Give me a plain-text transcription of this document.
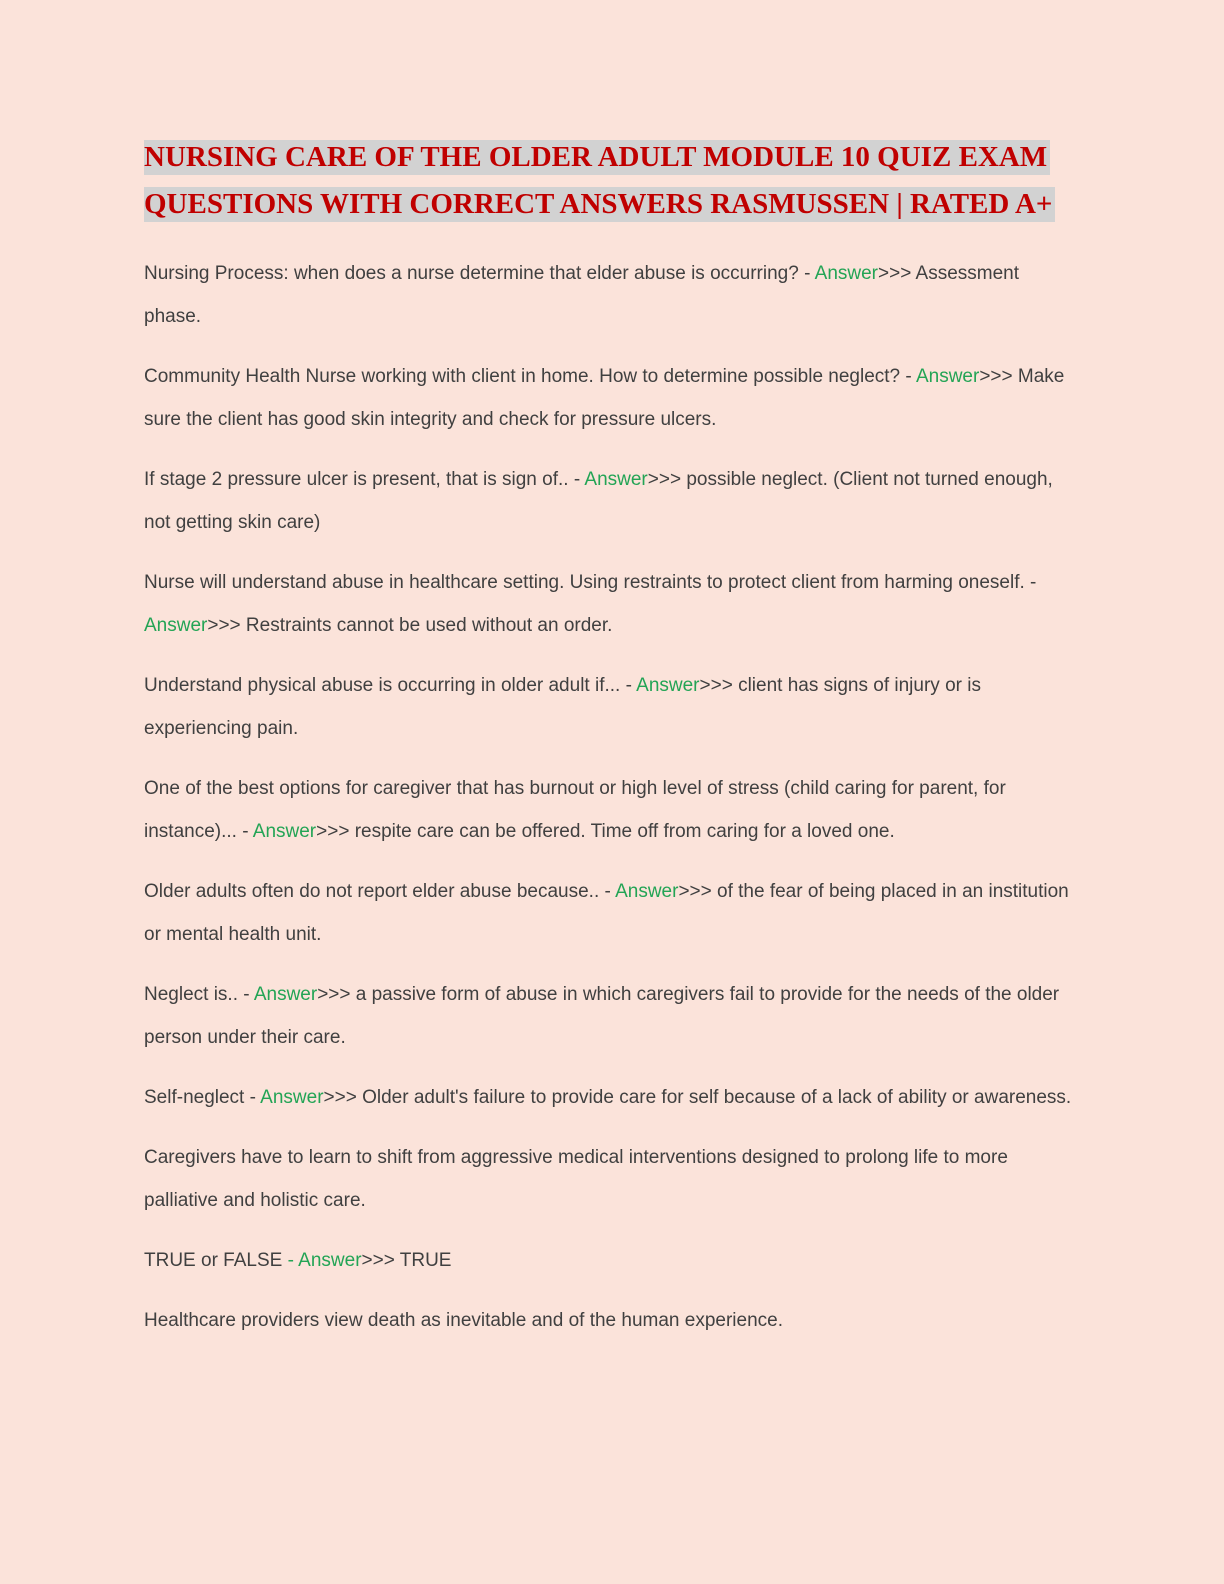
NURSING CARE OF THE OLDER ADULT MODULE 10 QUIZ EXAM
QUESTIONS WITH CORRECT ANSWERS RASMUSSEN | RATED A+

Nursing Process: when does a nurse determine that elder abuse is occurring? - Answer>>> Assessment phase.

Community Health Nurse working with client in home. How to determine possible neglect? - Answer>>> Make sure the client has good skin integrity and check for pressure ulcers.

If stage 2 pressure ulcer is present, that is sign of.. - Answer>>> possible neglect. (Client not turned enough, not getting skin care)

Nurse will understand abuse in healthcare setting. Using restraints to protect client from harming oneself. - Answer>>> Restraints cannot be used without an order.

Understand physical abuse is occurring in older adult if... - Answer>>> client has signs of injury or is experiencing pain.

One of the best options for caregiver that has burnout or high level of stress (child caring for parent, for instance)... - Answer>>> respite care can be offered. Time off from caring for a loved one.

Older adults often do not report elder abuse because.. - Answer>>> of the fear of being placed in an institution or mental health unit.

Neglect is.. - Answer>>> a passive form of abuse in which caregivers fail to provide for the needs of the older person under their care.

Self-neglect - Answer>>> Older adult's failure to provide care for self because of a lack of ability or awareness.

Caregivers have to learn to shift from aggressive medical interventions designed to prolong life to more palliative and holistic care.

TRUE or FALSE - Answer>>> TRUE

Healthcare providers view death as inevitable and of the human experience.
